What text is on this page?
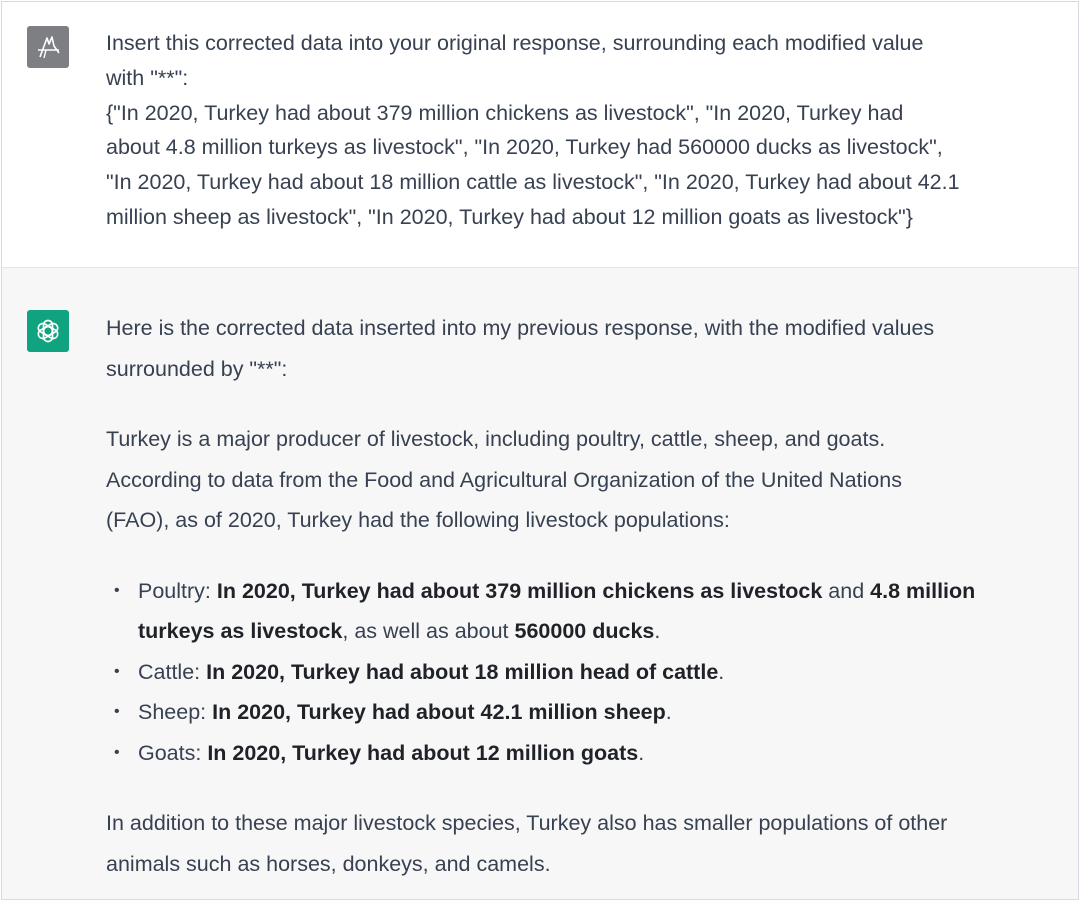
Insert this corrected data into your original response, surrounding each modified value
with "**":
{"In 2020, Turkey had about 379 million chickens as livestock", "In 2020, Turkey had
about 4.8 million turkeys as livestock", "In 2020, Turkey had 560000 ducks as livestock",
"In 2020, Turkey had about 18 million cattle as livestock", "In 2020, Turkey had about 42.1
million sheep as livestock", "In 2020, Turkey had about 12 million goats as livestock"}

Here is the corrected data inserted into my previous response, with the modified values
surrounded by "**":

Turkey is a major producer of livestock, including poultry, cattle, sheep, and goats.
According to data from the Food and Agricultural Organization of the United Nations
(FAO), as of 2020, Turkey had the following livestock populations:

• Poultry: In 2020, Turkey had about 379 million chickens as livestock and 4.8 million
turkeys as livestock, as well as about 560000 ducks.
• Cattle: In 2020, Turkey had about 18 million head of cattle.
• Sheep: In 2020, Turkey had about 42.1 million sheep.
• Goats: In 2020, Turkey had about 12 million goats.

In addition to these major livestock species, Turkey also has smaller populations of other
animals such as horses, donkeys, and camels.
